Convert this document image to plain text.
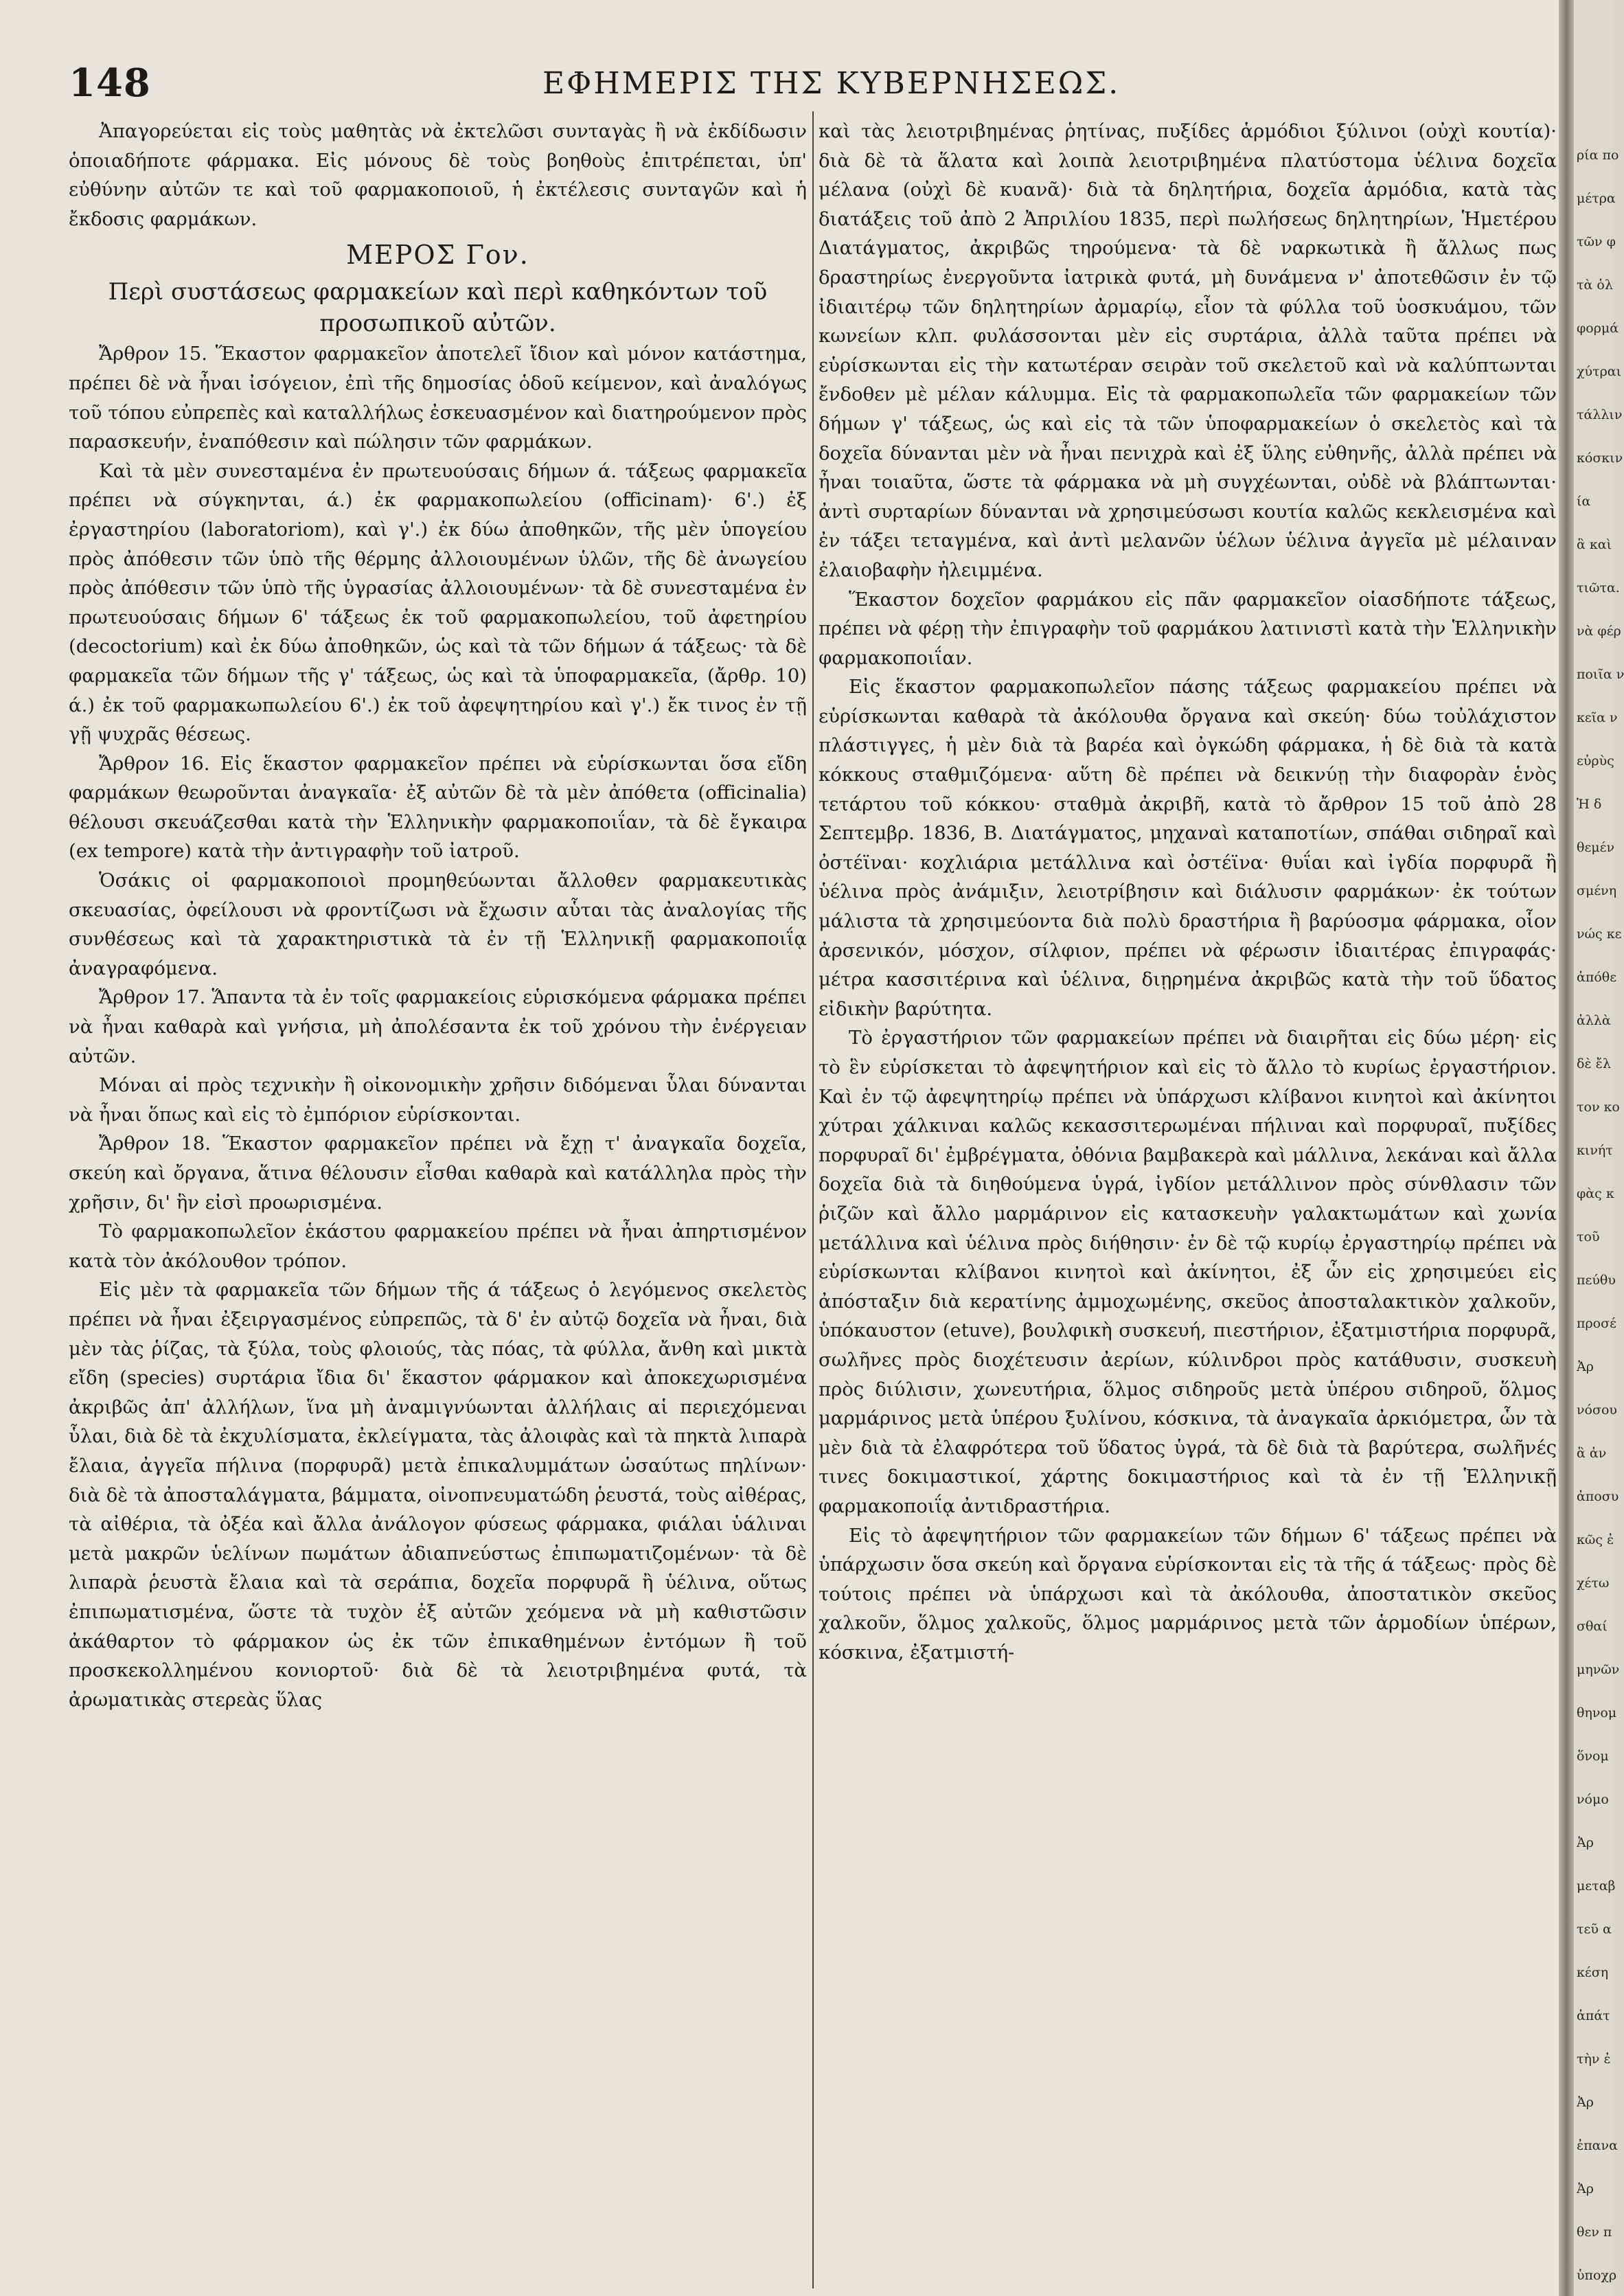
148	ΕΦΗΜΕΡΙΣ ΤΗΣ ΚΥΒΕΡΝΗΣΕΩΣ.

Ἀπαγορεύεται εἰς τοὺς μαθητὰς νὰ ἐκτελῶσι συνταγὰς ἢ νὰ ἐκδίδωσιν ὁποιαδήποτε φάρμακα. Εἰς μόνους δὲ τοὺς βοηθοὺς ἐπιτρέπεται, ὑπ' εὐθύνην αὐτῶν τε καὶ τοῦ φαρμακοποιοῦ, ἡ ἐκτέλεσις συνταγῶν καὶ ἡ ἔκδοσις φαρμάκων.

ΜΕΡΟΣ Γον.

Περὶ συστάσεως φαρμακείων καὶ περὶ καθηκόντων τοῦ προσωπικοῦ αὐτῶν.

Ἄρθρον 15. Ἕκαστον φαρμακεῖον ἀποτελεῖ ἴδιον καὶ μόνον κατάστημα, πρέπει δὲ νὰ ἦναι ἰσόγειον, ἐπὶ τῆς δημοσίας ὁδοῦ κείμενον, καὶ ἀναλόγως τοῦ τόπου εὐπρεπὲς καὶ καταλλήλως ἐσκευασμένον καὶ διατηρούμενον πρὸς παρασκευήν, ἐναπόθεσιν καὶ πώλησιν τῶν φαρμάκων.

Καὶ τὰ μὲν συνεσταμένα ἐν πρωτευούσαις δήμων ά. τάξεως φαρμακεῖα πρέπει νὰ σύγκηνται, ά.) ἐκ φαρμακοπωλείου (officinam)· 6'.) ἐξ ἐργαστηρίου (laboratoriom), καὶ γ'.) ἐκ δύω ἀποθηκῶν, τῆς μὲν ὑπογείου πρὸς ἀπόθεσιν τῶν ὑπὸ τῆς θέρμης ἀλλοιουμένων ὑλῶν, τῆς δὲ ἀνωγείου πρὸς ἀπόθεσιν τῶν ὑπὸ τῆς ὑγρασίας ἀλλοιουμένων· τὰ δὲ συνεσταμένα ἐν πρωτευούσαις δήμων 6' τάξεως ἐκ τοῦ φαρμακοπωλείου, τοῦ ἀφετηρίου (decoctorium) καὶ ἐκ δύω ἀποθηκῶν, ὡς καὶ τὰ τῶν δήμων ά τάξεως· τὰ δὲ φαρμακεῖα τῶν δήμων τῆς γ' τάξεως, ὡς καὶ τὰ ὑποφαρμακεῖα, (ἄρθρ. 10) ά.) ἐκ τοῦ φαρμακωπωλείου 6'.) ἐκ τοῦ ἀφεψητηρίου καὶ γ'.) ἔκ τινος ἐν τῇ γῇ ψυχρᾶς θέσεως.

Ἄρθρον 16. Εἰς ἕκαστον φαρμακεῖον πρέπει νὰ εὑρίσκωνται ὅσα εἴδη φαρμάκων θεωροῦνται ἀναγκαῖα· ἐξ αὐτῶν δὲ τὰ μὲν ἀπόθετα (officinalia) θέλουσι σκευάζεσθαι κατὰ τὴν Ἑλληνικὴν φαρμακοποιΐαν, τὰ δὲ ἔγκαιρα (ex tempore) κατὰ τὴν ἀντιγραφὴν τοῦ ἰατροῦ.

Ὁσάκις οἱ φαρμακοποιοὶ προμηθεύωνται ἄλλοθεν φαρμακευτικὰς σκευασίας, ὀφείλουσι νὰ φροντίζωσι νὰ ἔχωσιν αὗται τὰς ἀναλογίας τῆς συνθέσεως καὶ τὰ χαρακτηριστικὰ τὰ ἐν τῇ Ἑλληνικῇ φαρμακοποιΐᾳ ἀναγραφόμενα.

Ἄρθρον 17. Ἅπαντα τὰ ἐν τοῖς φαρμακείοις εὑρισκόμενα φάρμακα πρέπει νὰ ἦναι καθαρὰ καὶ γνήσια, μὴ ἀπολέσαντα ἐκ τοῦ χρόνου τὴν ἐνέργειαν αὐτῶν.

Μόναι αἱ πρὸς τεχνικὴν ἢ οἰκονομικὴν χρῆσιν διδόμεναι ὗλαι δύνανται νὰ ἦναι ὅπως καὶ εἰς τὸ ἐμπόριον εὑρίσκονται.

Ἄρθρον 18. Ἕκαστον φαρμακεῖον πρέπει νὰ ἔχῃ τ' ἀναγκαῖα δοχεῖα, σκεύη καὶ ὄργανα, ἅτινα θέλουσιν εἶσθαι καθαρὰ καὶ κατάλληλα πρὸς τὴν χρῆσιν, δι' ἣν εἰσὶ προωρισμένα.

Τὸ φαρμακοπωλεῖον ἑκάστου φαρμακείου πρέπει νὰ ἦναι ἀπηρτισμένον κατὰ τὸν ἀκόλουθον τρόπον.

Εἰς μὲν τὰ φαρμακεῖα τῶν δήμων τῆς ά τάξεως ὁ λεγόμενος σκελετὸς πρέπει νὰ ἦναι ἐξειργασμένος εὐπρεπῶς, τὰ δ' ἐν αὐτῷ δοχεῖα νὰ ἦναι, διὰ μὲν τὰς ῥίζας, τὰ ξύλα, τοὺς φλοιούς, τὰς πόας, τὰ φύλλα, ἄνθη καὶ μικτὰ εἴδη (species) συρτάρια ἴδια δι' ἕκαστον φάρμακον καὶ ἀποκεχωρισμένα ἀκριβῶς ἀπ' ἀλλήλων, ἵνα μὴ ἀναμιγνύωνται ἀλλήλαις αἱ περιεχόμεναι ὗλαι, διὰ δὲ τὰ ἐκχυλίσματα, ἐκλείγματα, τὰς ἀλοιφὰς καὶ τὰ πηκτὰ λιπαρὰ ἔλαια, ἀγγεῖα πήλινα (πορφυρᾶ) μετὰ ἐπικαλυμμάτων ὡσαύτως πηλίνων· διὰ δὲ τὰ ἀποσταλάγματα, βάμματα, οἰνοπνευματώδη ῥευστά, τοὺς αἰθέρας, τὰ αἰθέρια, τὰ ὀξέα καὶ ἄλλα ἀνάλογον φύσεως φάρμακα, φιάλαι ὑάλιναι μετὰ μακρῶν ὑελίνων πωμάτων ἀδιαπνεύστως ἐπιπωματιζομένων· τὰ δὲ λιπαρὰ ῥευστὰ ἔλαια καὶ τὰ σεράπια, δοχεῖα πορφυρᾶ ἢ ὑέλινα, οὕτως ἐπιπωματισμένα, ὥστε τὰ τυχὸν ἐξ αὐτῶν χεόμενα νὰ μὴ καθιστῶσιν ἀκάθαρτον τὸ φάρμακον ὡς ἐκ τῶν ἐπικαθημένων ἐντόμων ἢ τοῦ προσκεκολλημένου κονιορτοῦ· διὰ δὲ τὰ λειοτριβημένα φυτά, τὰ ἀρωματικὰς στερεὰς ὕλας

καὶ τὰς λειοτριβημένας ῥητίνας, πυξίδες ἁρμόδιοι ξύλινοι (οὐχὶ κουτία)· διὰ δὲ τὰ ἅλατα καὶ λοιπὰ λειοτριβημένα πλατύστομα ὑέλινα δοχεῖα μέλανα (οὐχὶ δὲ κυανᾶ)· διὰ τὰ δηλητήρια, δοχεῖα ἁρμόδια, κατὰ τὰς διατάξεις τοῦ ἀπὸ 2 Ἀπριλίου 1835, περὶ πωλήσεως δηλητηρίων, Ἡμετέρου Διατάγματος, ἀκριβῶς τηρούμενα· τὰ δὲ ναρκωτικὰ ἢ ἄλλως πως δραστηρίως ἐνεργοῦντα ἰατρικὰ φυτά, μὴ δυνάμενα ν' ἀποτεθῶσιν ἐν τῷ ἰδιαιτέρῳ τῶν δηλητηρίων ἀρμαρίῳ, εἶον τὰ φύλλα τοῦ ὑοσκυάμου, τῶν κωνείων κλπ. φυλάσσονται μὲν εἰς συρτάρια, ἀλλὰ ταῦτα πρέπει νὰ εὑρίσκωνται εἰς τὴν κατωτέραν σειρὰν τοῦ σκελετοῦ καὶ νὰ καλύπτωνται ἔνδοθεν μὲ μέλαν κάλυμμα. Εἰς τὰ φαρμακοπωλεῖα τῶν φαρμακείων τῶν δήμων γ' τάξεως, ὡς καὶ εἰς τὰ τῶν ὑποφαρμακείων ὁ σκελετὸς καὶ τὰ δοχεῖα δύνανται μὲν νὰ ἦναι πενιχρὰ καὶ ἐξ ὕλης εὐθηνῆς, ἀλλὰ πρέπει νὰ ἦναι τοιαῦτα, ὥστε τὰ φάρμακα νὰ μὴ συγχέωνται, οὐδὲ νὰ βλάπτωνται· ἀντὶ συρταρίων δύνανται νὰ χρησιμεύσωσι κουτία καλῶς κεκλεισμένα καὶ ἐν τάξει τεταγμένα, καὶ ἀντὶ μελανῶν ὑέλων ὑέλινα ἀγγεῖα μὲ μέλαιναν ἐλαιοβαφὴν ἠλειμμένα.

Ἕκαστον δοχεῖον φαρμάκου εἰς πᾶν φαρμακεῖον οἱασδήποτε τάξεως, πρέπει νὰ φέρῃ τὴν ἐπιγραφὴν τοῦ φαρμάκου λατινιστὶ κατὰ τὴν Ἑλληνικὴν φαρμακοποιΐαν.

Εἰς ἕκαστον φαρμακοπωλεῖον πάσης τάξεως φαρμακείου πρέπει νὰ εὑρίσκωνται καθαρὰ τὰ ἀκόλουθα ὄργανα καὶ σκεύη· δύω τοὐλάχιστον πλάστιγγες, ἡ μὲν διὰ τὰ βαρέα καὶ ὀγκώδη φάρμακα, ἡ δὲ διὰ τὰ κατὰ κόκκους σταθμιζόμενα· αὕτη δὲ πρέπει νὰ δεικνύῃ τὴν διαφορὰν ἑνὸς τετάρτου τοῦ κόκκου· σταθμὰ ἀκριβῆ, κατὰ τὸ ἄρθρον 15 τοῦ ἀπὸ 28 Σεπτεμβρ. 1836, Β. Διατάγματος, μηχαναὶ καταποτίων, σπάθαι σιδηραῖ καὶ ὀστέϊναι· κοχλιάρια μετάλλινα καὶ ὀστέϊνα· θυΐαι καὶ ἰγδία πορφυρᾶ ἢ ὑέλινα πρὸς ἀνάμιξιν, λειοτρίβησιν καὶ διάλυσιν φαρμάκων· ἐκ τούτων μάλιστα τὰ χρησιμεύοντα διὰ πολὺ δραστήρια ἢ βαρύοσμα φάρμακα, οἷον ἀρσενικόν, μόσχον, σίλφιον, πρέπει νὰ φέρωσιν ἰδιαιτέρας ἐπιγραφάς· μέτρα κασσιτέρινα καὶ ὑέλινα, διῃρημένα ἀκριβῶς κατὰ τὴν τοῦ ὕδατος εἰδικὴν βαρύτητα.

Τὸ ἐργαστήριον τῶν φαρμακείων πρέπει νὰ διαιρῆται εἰς δύω μέρη· εἰς τὸ ἓν εὑρίσκεται τὸ ἀφεψητήριον καὶ εἰς τὸ ἄλλο τὸ κυρίως ἐργαστήριον. Καὶ ἐν τῷ ἀφεψητηρίῳ πρέπει νὰ ὑπάρχωσι κλίβανοι κινητοὶ καὶ ἀκίνητοι χύτραι χάλκιναι καλῶς κεκασσιτερωμέναι πήλιναι καὶ πορφυραῖ, πυξίδες πορφυραῖ δι' ἐμβρέγματα, ὀθόνια βαμβακερὰ καὶ μάλλινα, λεκάναι καὶ ἄλλα δοχεῖα διὰ τὰ διηθούμενα ὑγρά, ἰγδίον μετάλλινον πρὸς σύνθλασιν τῶν ῥιζῶν καὶ ἄλλο μαρμάρινον εἰς κατασκευὴν γαλακτωμάτων καὶ χωνία μετάλλινα καὶ ὑέλινα πρὸς διήθησιν· ἐν δὲ τῷ κυρίῳ ἐργαστηρίῳ πρέπει νὰ εὑρίσκωνται κλίβανοι κινητοὶ καὶ ἀκίνητοι, ἐξ ὧν εἰς χρησιμεύει εἰς ἀπόσταξιν διὰ κερατίνης ἀμμοχωμένης, σκεῦος ἀποσταλακτικὸν χαλκοῦν, ὑπόκαυστον (etuve), βουλφικὴ συσκευή, πιεστήριον, ἐξατμιστήρια πορφυρᾶ, σωλῆνες πρὸς διοχέτευσιν ἀερίων, κύλινδροι πρὸς κατάθυσιν, συσκευὴ πρὸς διύλισιν, χωνευτήρια, ὅλμος σιδηροῦς μετὰ ὑπέρου σιδηροῦ, ὅλμος μαρμάρινος μετὰ ὑπέρου ξυλίνου, κόσκινα, τὰ ἀναγκαῖα ἀρκιόμετρα, ὧν τὰ μὲν διὰ τὰ ἐλαφρότερα τοῦ ὕδατος ὑγρά, τὰ δὲ διὰ τὰ βαρύτερα, σωλῆνές τινες δοκιμαστικοί, χάρτης δοκιμαστήριος καὶ τὰ ἐν τῇ Ἑλληνικῇ φαρμακοποιΐᾳ ἀντιδραστήρια.

Εἰς τὸ ἀφεψητήριον τῶν φαρμακείων τῶν δήμων 6' τάξεως πρέπει νὰ ὑπάρχωσιν ὅσα σκεύη καὶ ὄργανα εὑρίσκονται εἰς τὰ τῆς ά τάξεως· πρὸς δὲ τούτοις πρέπει νὰ ὑπάρχωσι καὶ τὰ ἀκόλουθα, ἀποστατικὸν σκεῦος χαλκοῦν, ὅλμος χαλκοῦς, ὅλμος μαρμάρινος μετὰ τῶν ἁρμοδίων ὑπέρων, κόσκινα, ἐξατμιστή-

ρία πο
μέτρα
τῶν φ
τὰ ὁλ
φορμά
χύτραι
τάλλιν
κόσκιν
ία
ἃ καὶ
τιῶτα.
νὰ φέρ
ποιῖα ν
κεῖα ν
εὐρὺς
Ἡ δ
θεμέν
σμένη
νώς κε
ἀπόθε
ἀλλὰ
δὲ ἔλ
τον κο
κινήτ
φὰς κ
τοῦ
πεύθυ
προσέ
Ἀρ
νόσου
ἃ ἀν
ἀποσυ
κῶς ἐ
χέτω
σθαί
μηνῶν
θηνομ
ὅνομ
νόμο
Ἀρ
μεταβ
τεῦ α
κέση
ἀπάτ
τὴν ἐ
Ἀρ
ἐπανα
Ἀρ
θεν π
ὑποχρ
